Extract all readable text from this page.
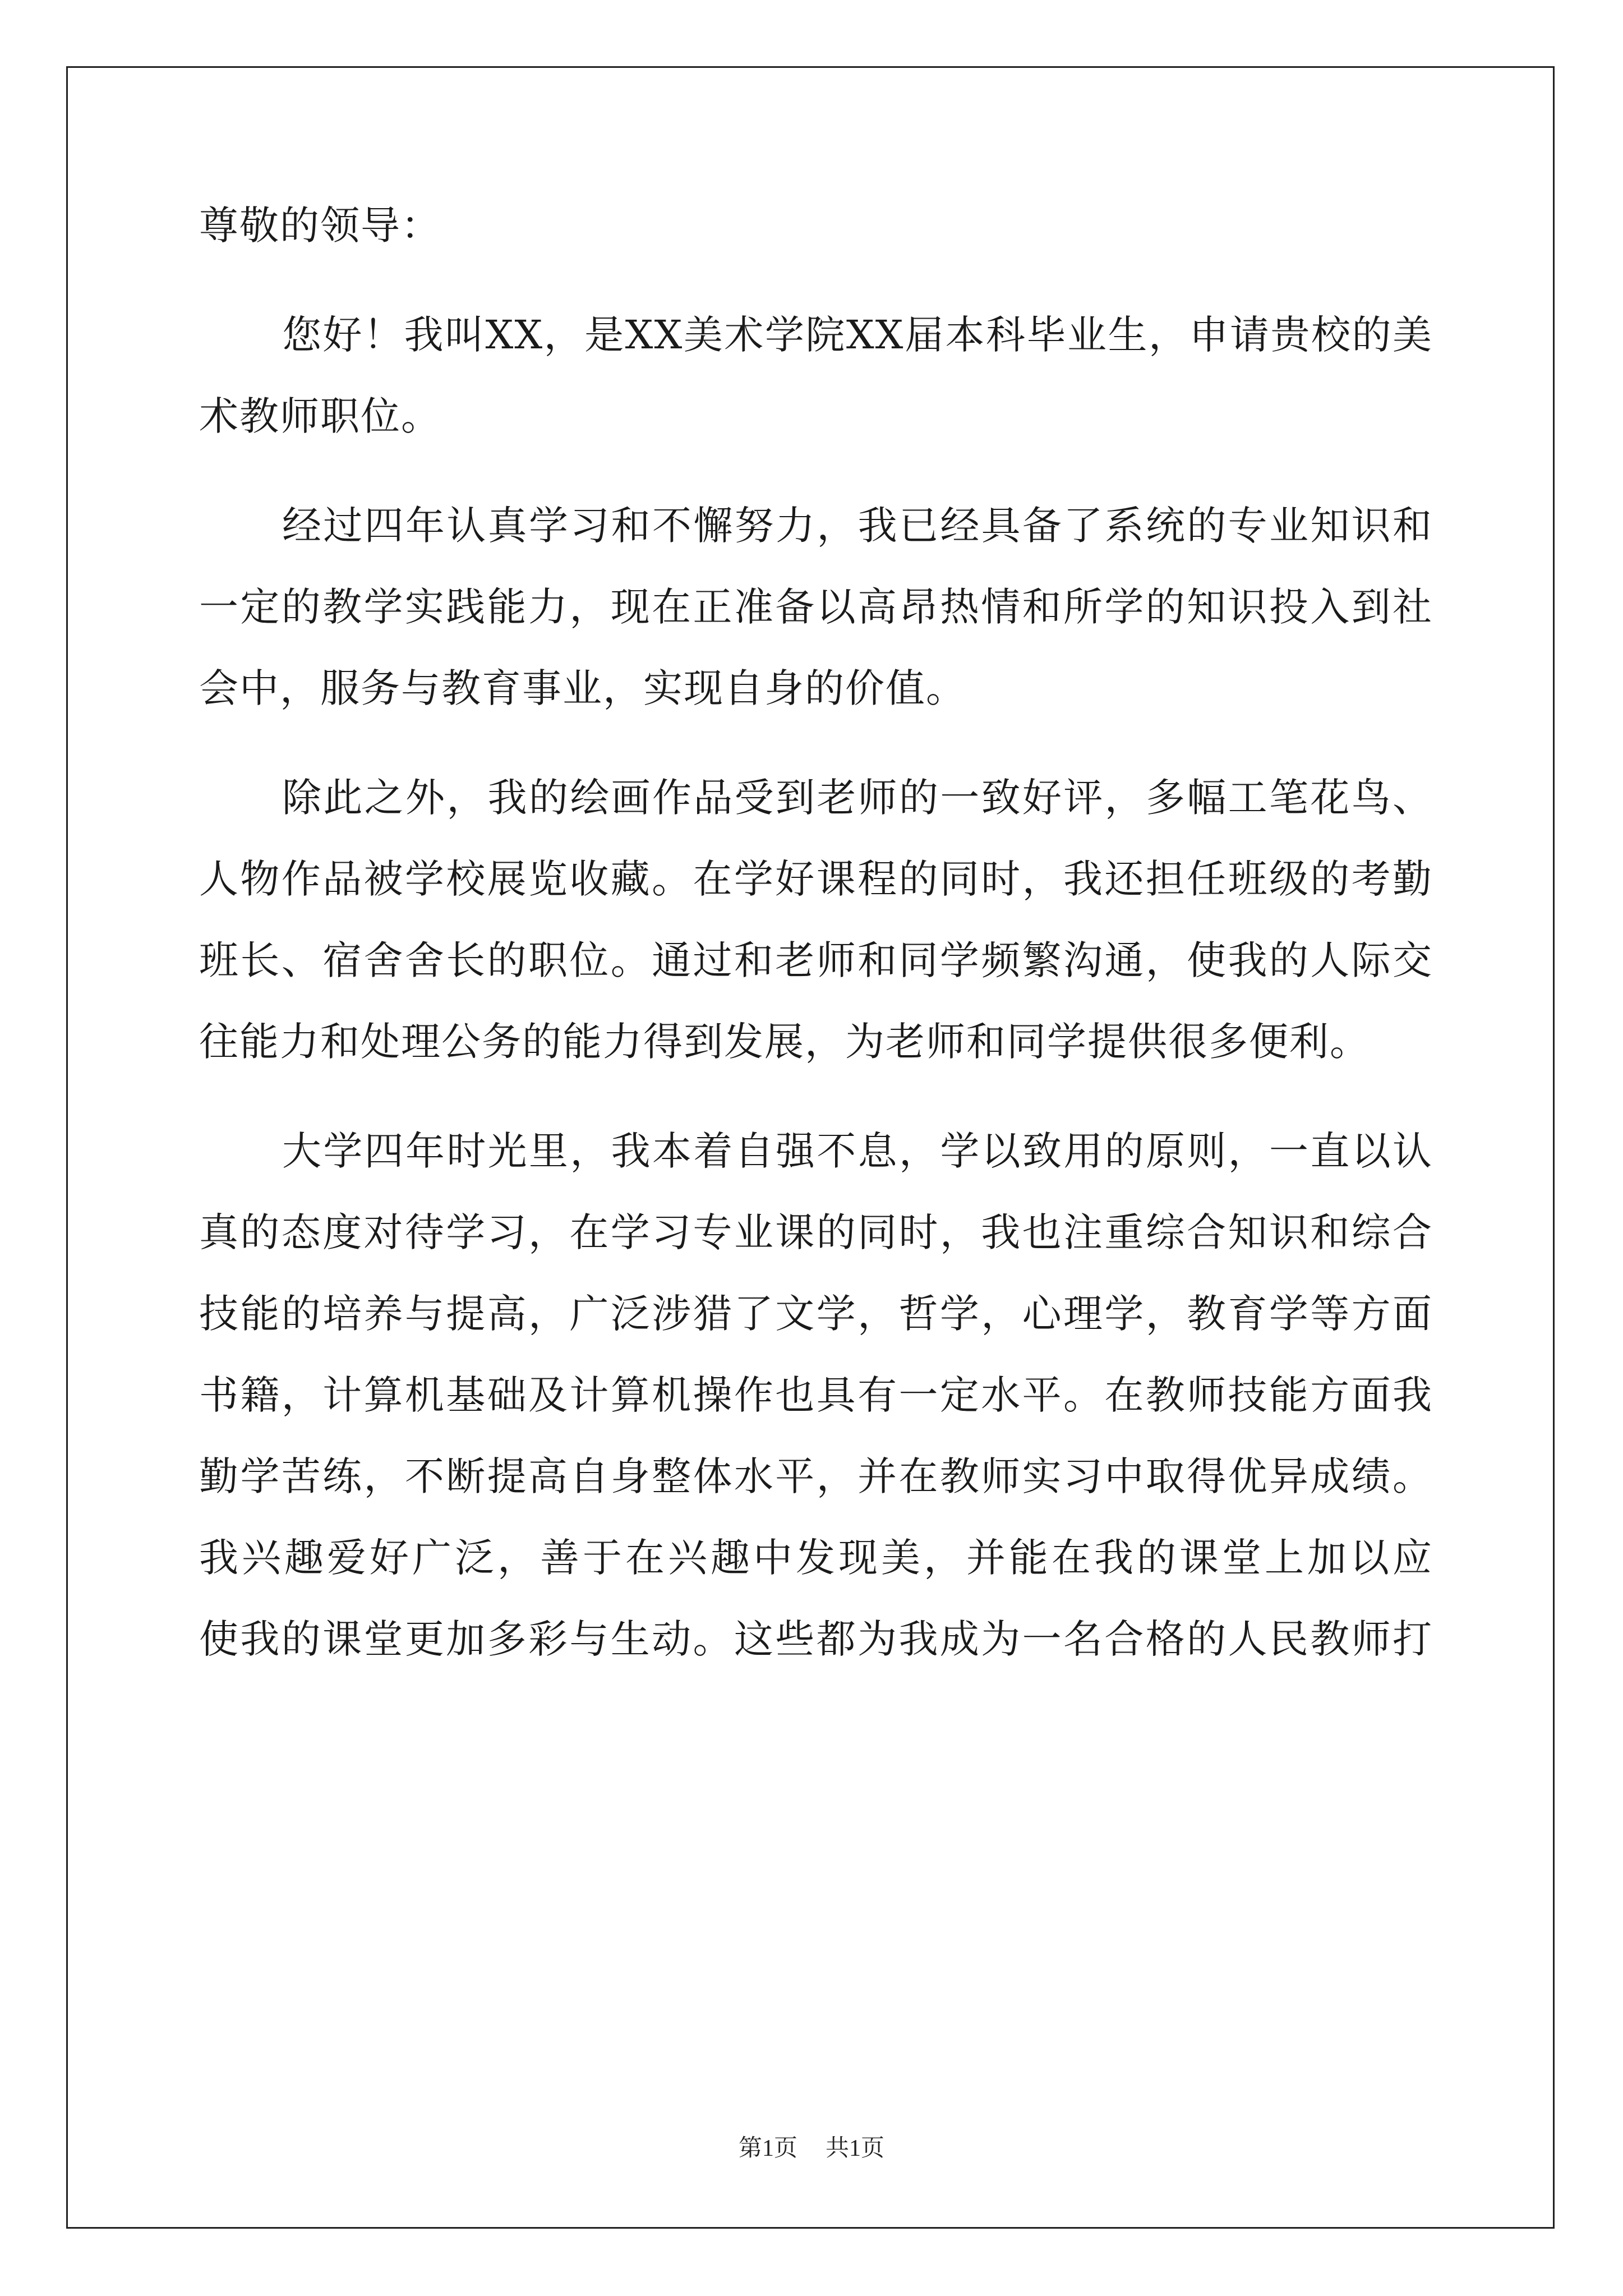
尊敬的领导：
您好！我叫XX，是XX美术学院XX届本科毕业生，申请贵校的美
术教师职位。
经过四年认真学习和不懈努力，我已经具备了系统的专业知识和
一定的教学实践能力，现在正准备以高昂热情和所学的知识投入到社
会中，服务与教育事业，实现自身的价值。
除此之外，我的绘画作品受到老师的一致好评，多幅工笔花鸟、
人物作品被学校展览收藏。在学好课程的同时，我还担任班级的考勤
班长、宿舍舍长的职位。通过和老师和同学频繁沟通，使我的人际交
往能力和处理公务的能力得到发展，为老师和同学提供很多便利。
大学四年时光里，我本着自强不息，学以致用的原则，一直以认
真的态度对待学习，在学习专业课的同时，我也注重综合知识和综合
技能的培养与提高，广泛涉猎了文学，哲学，心理学，教育学等方面
书籍，计算机基础及计算机操作也具有一定水平。在教师技能方面我
勤学苦练，不断提高自身整体水平，并在教师实习中取得优异成绩。
我兴趣爱好广泛，善于在兴趣中发现美，并能在我的课堂上加以应
使我的课堂更加多彩与生动。这些都为我成为一名合格的人民教师打
第1页 共1页
